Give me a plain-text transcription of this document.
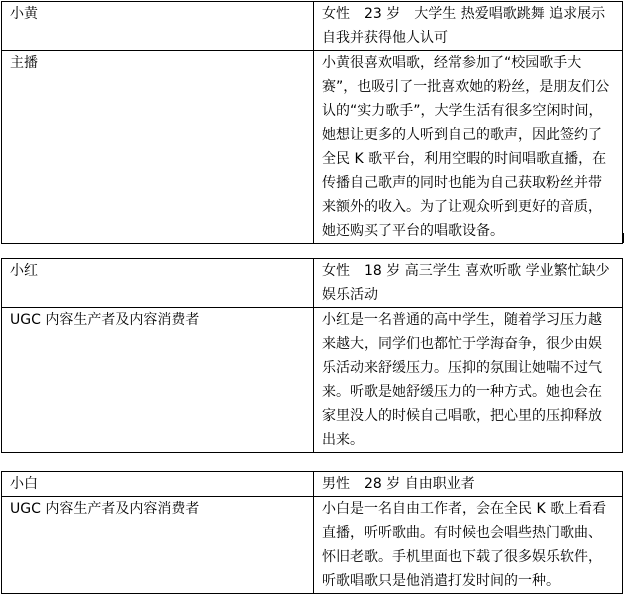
小黄	女性　23 岁　大学生 热爱唱歌跳舞 追求展示自我并获得他人认可
主播	小黄很喜欢唱歌，经常参加了“校园歌手大赛”，也吸引了一批喜欢她的粉丝，是朋友们公认的“实力歌手”，大学生活有很多空闲时间，她想让更多的人听到自己的歌声，因此签约了全民 K 歌平台，利用空暇的时间唱歌直播，在传播自己歌声的同时也能为自己获取粉丝并带来额外的收入。为了让观众听到更好的音质，她还购买了平台的唱歌设备。
小红	女性　18 岁 高三学生 喜欢听歌 学业繁忙缺少娱乐活动
UGC 内容生产者及内容消费者	小红是一名普通的高中学生，随着学习压力越来越大，同学们也都忙于学海奋争，很少由娱乐活动来舒缓压力。压抑的氛围让她喘不过气来。听歌是她舒缓压力的一种方式。她也会在家里没人的时候自己唱歌，把心里的压抑释放出来。
小白	男性　28 岁 自由职业者
UGC 内容生产者及内容消费者	小白是一名自由工作者，会在全民 K 歌上看看直播，听听歌曲。有时候也会唱些热门歌曲、怀旧老歌。手机里面也下载了很多娱乐软件，听歌唱歌只是他消遣打发时间的一种。
